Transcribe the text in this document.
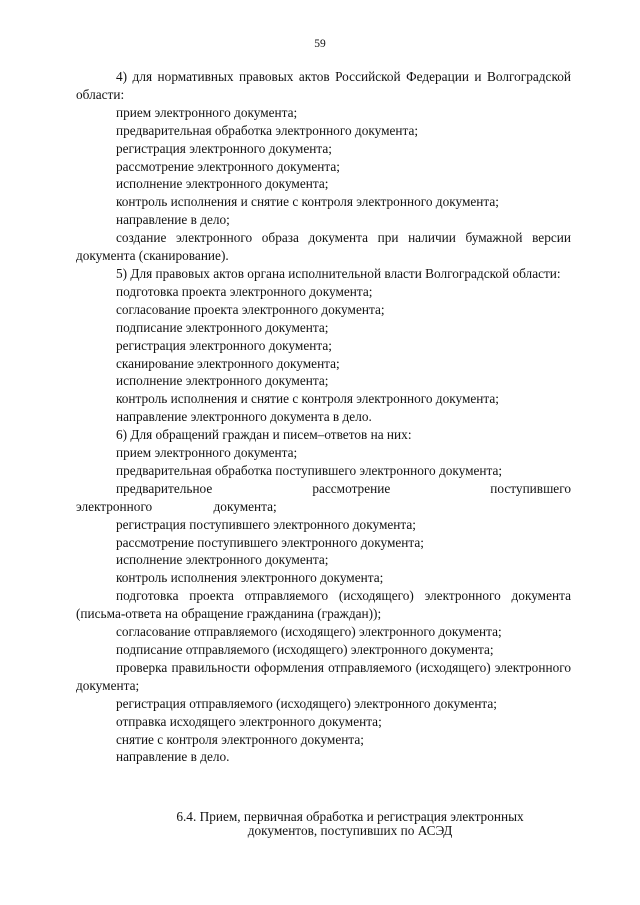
59

4) для нормативных правовых актов Российской Федерации и Волгоградской области:

прием электронного документа;

предварительная обработка электронного документа;

регистрация электронного документа;

рассмотрение электронного документа;

исполнение электронного документа;

контроль исполнения и снятие с контроля электронного документа;

направление в дело;

создание электронного образа документа при наличии бумажной версии документа (сканирование).

5) Для правовых актов органа исполнительной власти Волгоградской области:

подготовка проекта электронного документа;

согласование проекта электронного документа;

подписание электронного документа;

регистрация электронного документа;

сканирование электронного документа;

исполнение электронного документа;

контроль исполнения и снятие с контроля электронного документа;

направление электронного документа в дело.

6) Для обращений граждан и писем–ответов на них:

прием электронного документа;

предварительная обработка поступившего электронного документа;

предварительное рассмотрение поступившего электронного документа;

регистрация поступившего электронного документа;

рассмотрение поступившего электронного документа;

исполнение электронного документа;

контроль исполнения электронного документа;

подготовка проекта отправляемого (исходящего) электронного документа (письма-ответа на обращение гражданина (граждан));

согласование отправляемого (исходящего) электронного документа;

подписание отправляемого (исходящего) электронного документа;

проверка правильности оформления отправляемого (исходящего) электронного документа;

регистрация отправляемого (исходящего) электронного документа;

отправка исходящего электронного документа;

снятие с контроля электронного документа;

направление в дело.

6.4. Прием, первичная обработка и регистрация электронных
документов, поступивших по АСЭД
